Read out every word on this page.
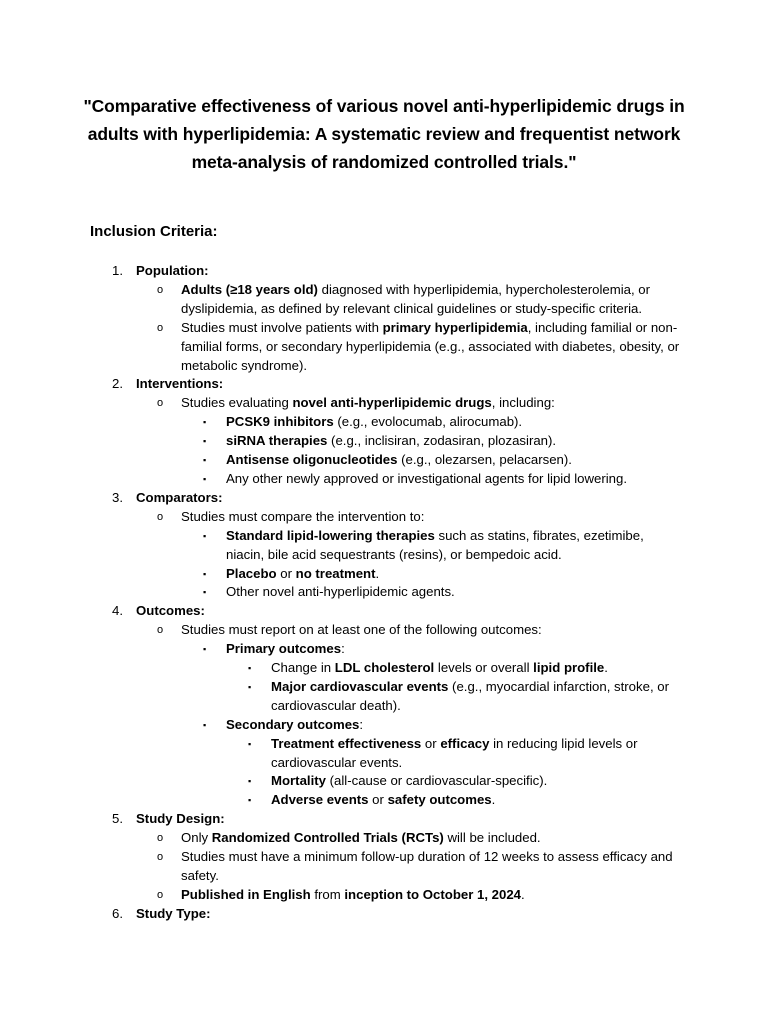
"Comparative effectiveness of various novel anti-hyperlipidemic drugs in adults with hyperlipidemia: A systematic review and frequentist network meta-analysis of randomized controlled trials."

Inclusion Criteria:

1. Population:
o Adults (≥18 years old) diagnosed with hyperlipidemia, hypercholesterolemia, or dyslipidemia, as defined by relevant clinical guidelines or study-specific criteria.
o Studies must involve patients with primary hyperlipidemia, including familial or non-familial forms, or secondary hyperlipidemia (e.g., associated with diabetes, obesity, or metabolic syndrome).
2. Interventions:
o Studies evaluating novel anti-hyperlipidemic drugs, including:
▪ PCSK9 inhibitors (e.g., evolocumab, alirocumab).
▪ siRNA therapies (e.g., inclisiran, zodasiran, plozasiran).
▪ Antisense oligonucleotides (e.g., olezarsen, pelacarsen).
▪ Any other newly approved or investigational agents for lipid lowering.
3. Comparators:
o Studies must compare the intervention to:
▪ Standard lipid-lowering therapies such as statins, fibrates, ezetimibe, niacin, bile acid sequestrants (resins), or bempedoic acid.
▪ Placebo or no treatment.
▪ Other novel anti-hyperlipidemic agents.
4. Outcomes:
o Studies must report on at least one of the following outcomes:
▪ Primary outcomes:
▪ Change in LDL cholesterol levels or overall lipid profile.
▪ Major cardiovascular events (e.g., myocardial infarction, stroke, or cardiovascular death).
▪ Secondary outcomes:
▪ Treatment effectiveness or efficacy in reducing lipid levels or cardiovascular events.
▪ Mortality (all-cause or cardiovascular-specific).
▪ Adverse events or safety outcomes.
5. Study Design:
o Only Randomized Controlled Trials (RCTs) will be included.
o Studies must have a minimum follow-up duration of 12 weeks to assess efficacy and safety.
o Published in English from inception to October 1, 2024.
6. Study Type:
